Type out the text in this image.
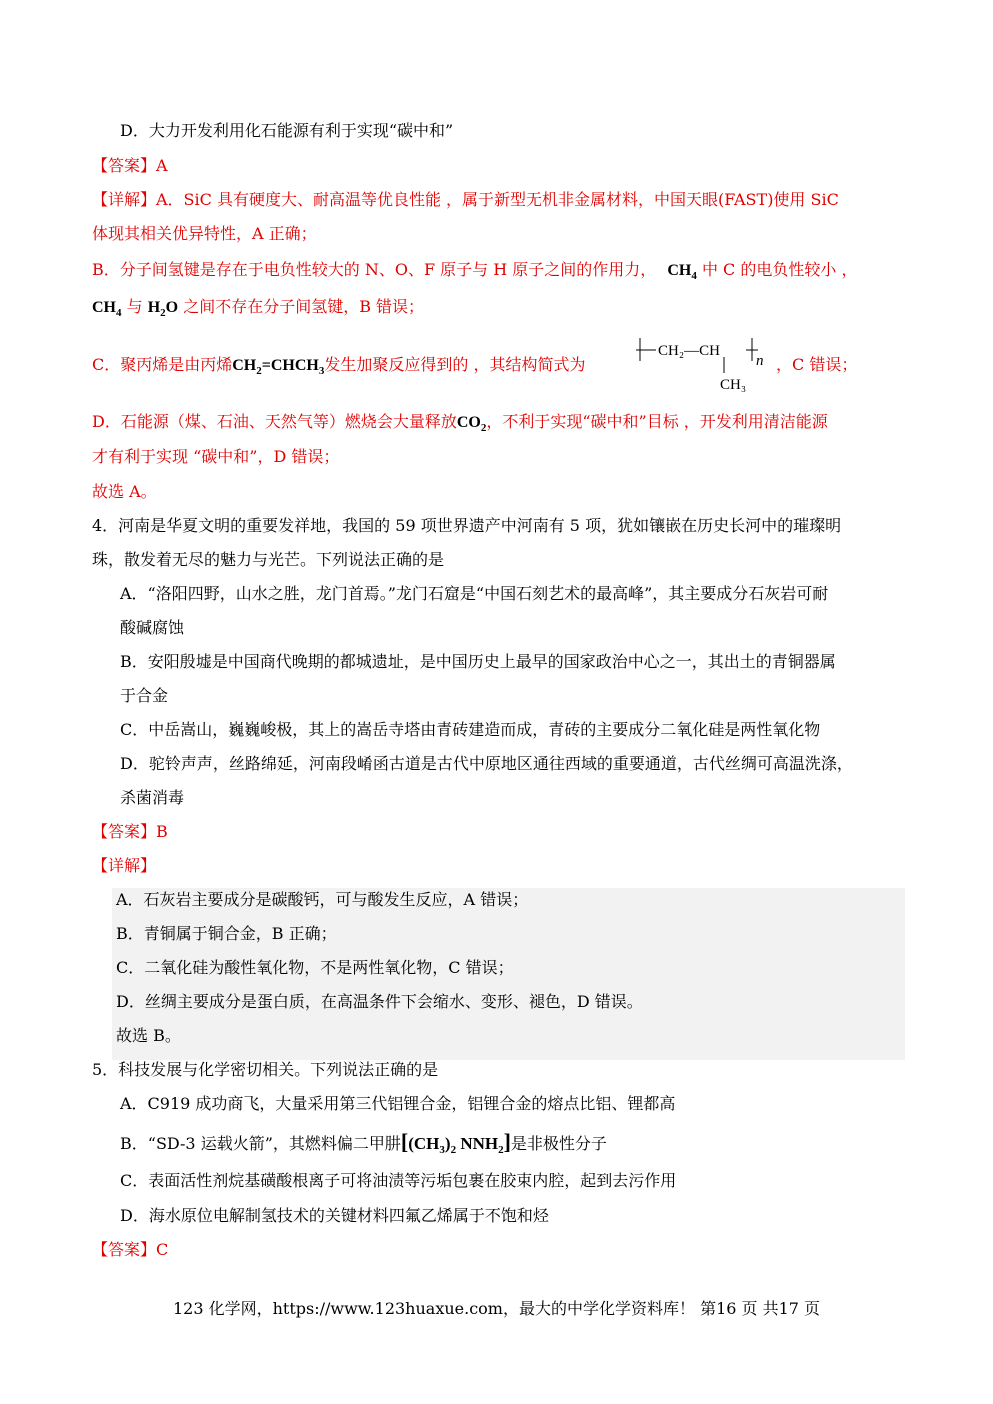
D．大力开发利用化石能源有利于实现“碳中和”
【答案】A
【详解】A．SiC 具有硬度大、耐高温等优良性能 ，属于新型无机非金属材料，中国天眼(FAST)使用 SiC
体现其相关优异特性，A 正确；
B．分子间氢键是存在于电负性较大的 N、O、F 原子与 H 原子之间的作用力， $CH_4$ 中 C 的电负性较小 ，
$CH_4$ 与 $H_2O$ 之间不存在分子间氢键，B 错误；
C．聚丙烯是由丙烯$CH_2=CHCH_3$发生加聚反应得到的 ，其结构简式为
CH₂—CH
n
CH₃
，C 错误；
D．石能源（煤、石油、天然气等）燃烧会大量释放$CO_2$，不利于实现“碳中和”目标 ，开发利用清洁能源
才有利于实现 “碳中和”，D 错误；
故选 A。
4．河南是华夏文明的重要发祥地，我国的 59 项世界遗产中河南有 5 项，犹如镶嵌在历史长河中的璀璨明
珠，散发着无尽的魅力与光芒。下列说法正确的是
A．“洛阳四野，山水之胜，龙门首焉。”龙门石窟是“中国石刻艺术的最高峰”，其主要成分石灰岩可耐
酸碱腐蚀
B．安阳殷墟是中国商代晚期的都城遗址，是中国历史上最早的国家政治中心之一，其出土的青铜器属
于合金
C．中岳嵩山，巍巍峻极，其上的嵩岳寺塔由青砖建造而成，青砖的主要成分二氧化硅是两性氧化物
D．驼铃声声，丝路绵延，河南段崤函古道是古代中原地区通往西域的重要通道，古代丝绸可高温洗涤，
杀菌消毒
【答案】B
【详解】
A．石灰岩主要成分是碳酸钙，可与酸发生反应，A 错误；
B．青铜属于铜合金，B 正确；
C．二氧化硅为酸性氧化物，不是两性氧化物，C 错误；
D．丝绸主要成分是蛋白质，在高温条件下会缩水、变形、褪色，D 错误。
故选 B。
5．科技发展与化学密切相关。下列说法正确的是
A．C919 成功商飞，大量采用第三代铝锂合金，铝锂合金的熔点比铝、锂都高
B．“SD-3 运载火箭”，其燃料偏二甲肼[$(CH_3)_2$ $NNH_2$]是非极性分子
C．表面活性剂烷基磺酸根离子可将油渍等污垢包裹在胶束内腔，起到去污作用
D．海水原位电解制氢技术的关键材料四氟乙烯属于不饱和烃
【答案】C
123 化学网，https://www.123huaxue.com，最大的中学化学资料库！ 第16 页 共17 页
